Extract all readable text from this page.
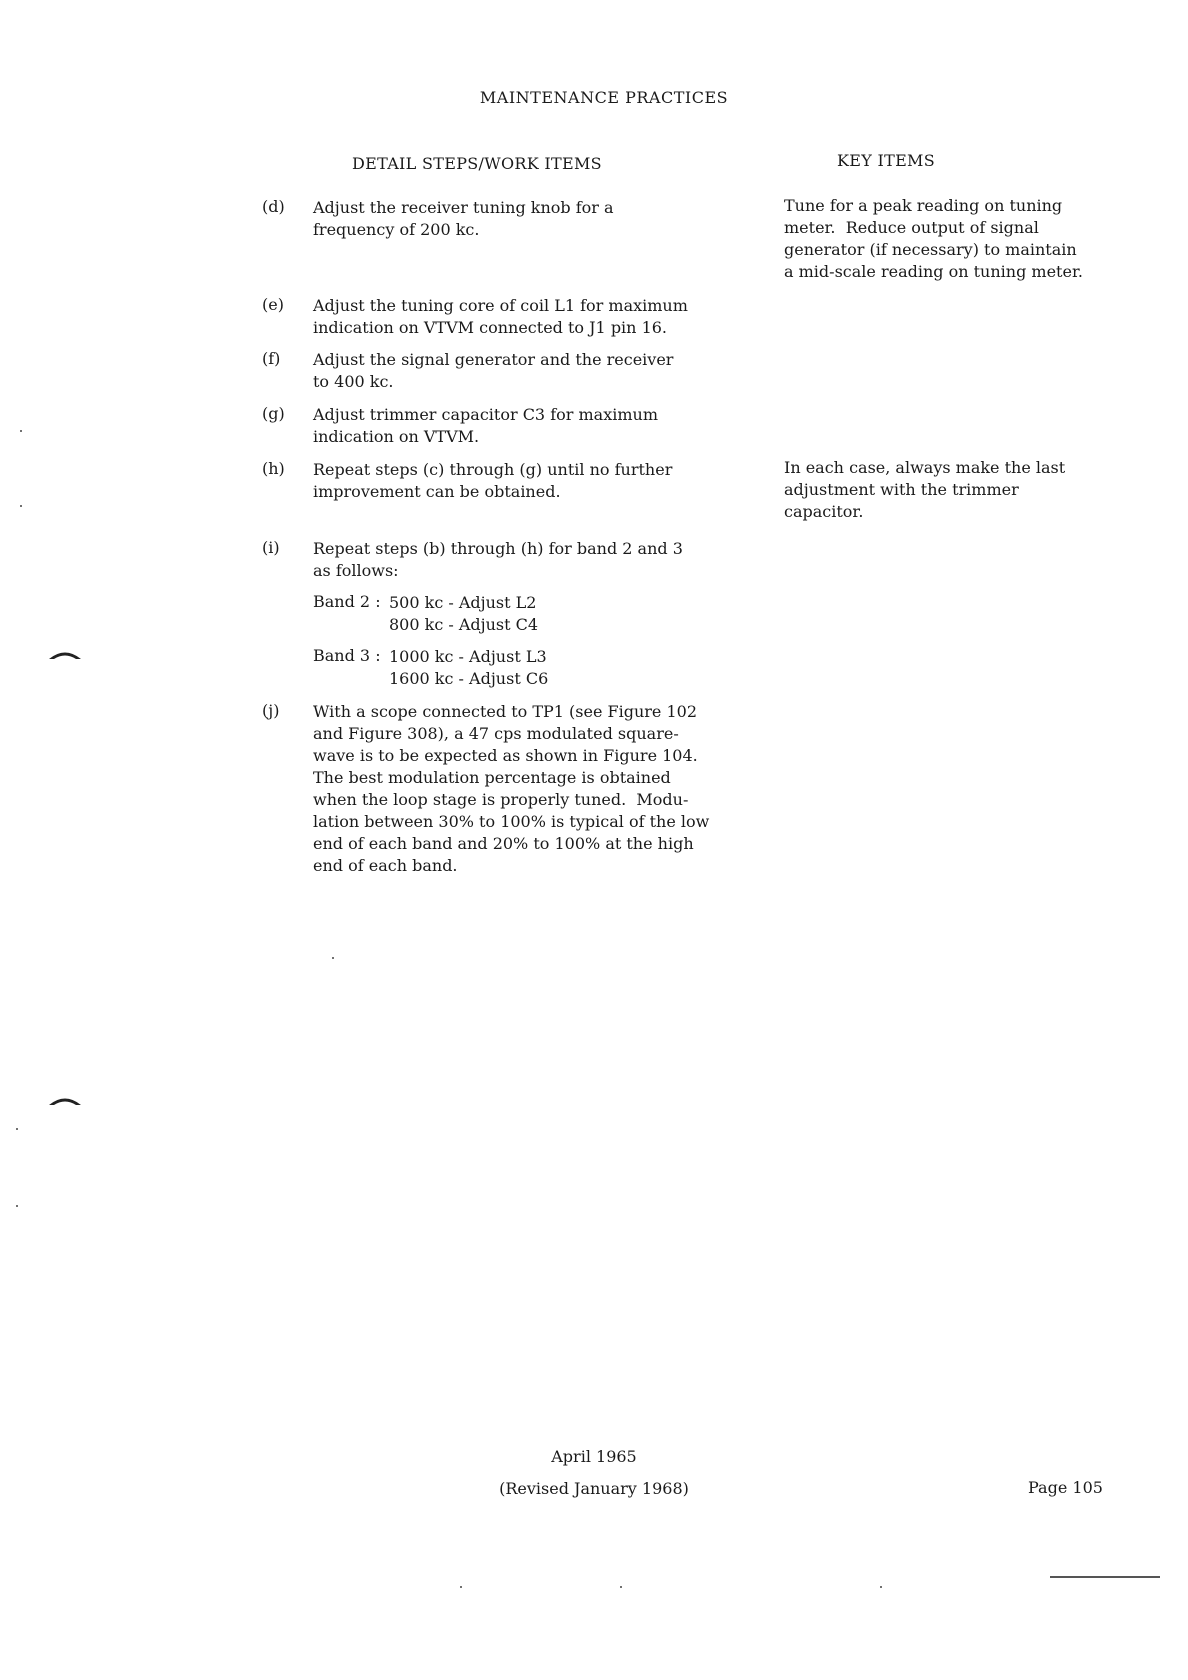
MAINTENANCE PRACTICES
DETAIL STEPS/WORK ITEMS	KEY ITEMS
(d) Adjust the receiver tuning knob for a
frequency of 200 kc.
(e) Adjust the tuning core of coil L1 for maximum
indication on VTVM connected to J1 pin 16.
(f) Adjust the signal generator and the receiver
to 400 kc.
(g) Adjust trimmer capacitor C3 for maximum
indication on VTVM.
(h) Repeat steps (c) through (g) until no further
improvement can be obtained.
(i) Repeat steps (b) through (h) for band 2 and 3
as follows:
Band 2 : 500 kc - Adjust L2
800 kc - Adjust C4
Band 3 : 1000 kc - Adjust L3
1600 kc - Adjust C6
(j) With a scope connected to TP1 (see Figure 102
and Figure 308), a 47 cps modulated square-
wave is to be expected as shown in Figure 104.
The best modulation percentage is obtained
when the loop stage is properly tuned.  Modu-
lation between 30% to 100% is typical of the low
end of each band and 20% to 100% at the high
end of each band.
Tune for a peak reading on tuning
meter.  Reduce output of signal
generator (if necessary) to maintain
a mid-scale reading on tuning meter.
In each case, always make the last
adjustment with the trimmer
capacitor.
April 1965
(Revised January 1968)	Page 105
